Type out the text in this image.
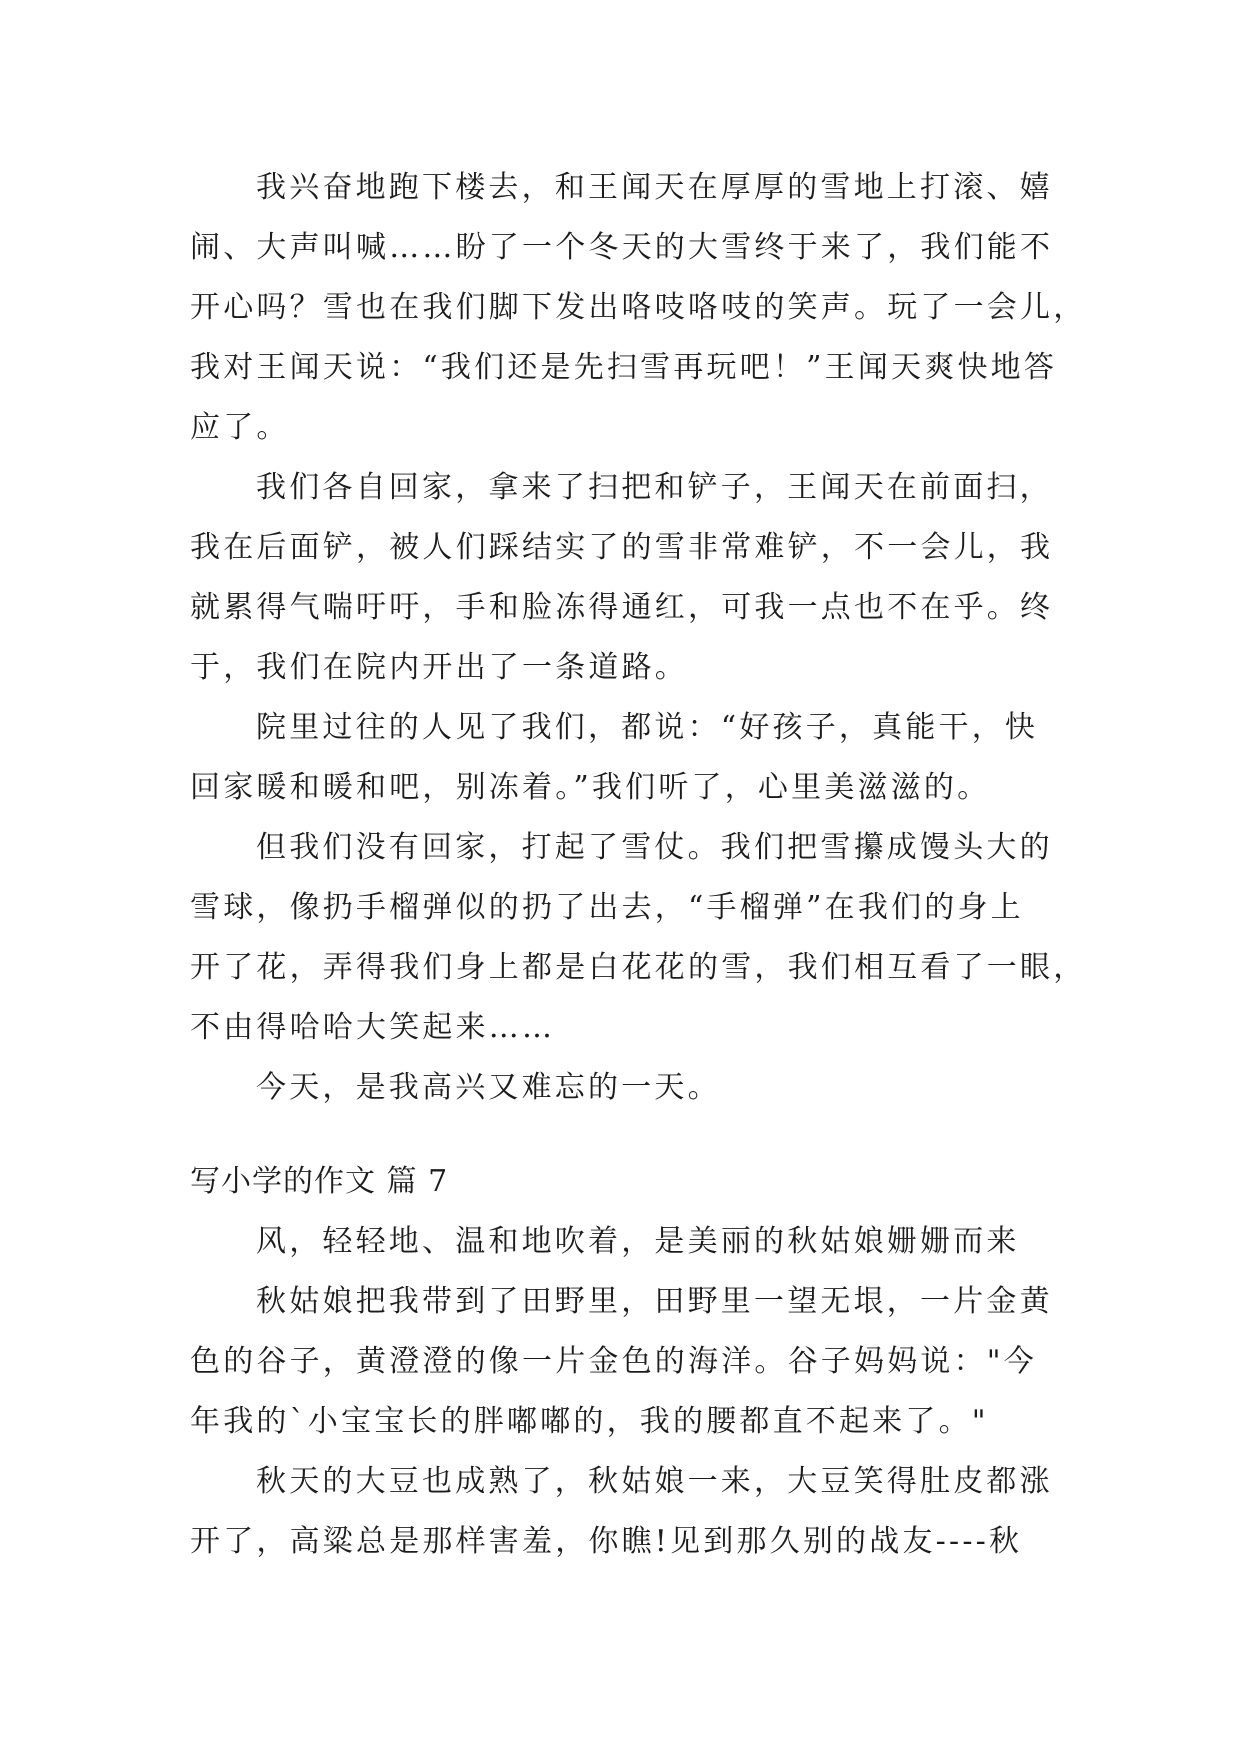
我兴奋地跑下楼去，和王闻天在厚厚的雪地上打滚、嬉
闹、大声叫喊……盼了一个冬天的大雪终于来了，我们能不
开心吗？雪也在我们脚下发出咯吱咯吱的笑声。玩了一会儿，
我对王闻天说：“我们还是先扫雪再玩吧！”王闻天爽快地答
应了。
我们各自回家，拿来了扫把和铲子，王闻天在前面扫，
我在后面铲，被人们踩结实了的雪非常难铲，不一会儿，我
就累得气喘吁吁，手和脸冻得通红，可我一点也不在乎。终
于，我们在院内开出了一条道路。
院里过往的人见了我们，都说：“好孩子，真能干，快
回家暖和暖和吧，别冻着。”我们听了，心里美滋滋的。
但我们没有回家，打起了雪仗。我们把雪攥成馒头大的
雪球，像扔手榴弹似的扔了出去，“手榴弹”在我们的身上
开了花，弄得我们身上都是白花花的雪，我们相互看了一眼，
不由得哈哈大笑起来……
今天，是我高兴又难忘的一天。
写小学的作文 篇 7
风，轻轻地、温和地吹着，是美丽的秋姑娘姗姗而来
秋姑娘把我带到了田野里，田野里一望无垠，一片金黄
色的谷子，黄澄澄的像一片金色的海洋。谷子妈妈说："今
年我的`小宝宝长的胖嘟嘟的，我的腰都直不起来了。"
秋天的大豆也成熟了，秋姑娘一来，大豆笑得肚皮都涨
开了，高粱总是那样害羞，你瞧!见到那久别的战友----秋
